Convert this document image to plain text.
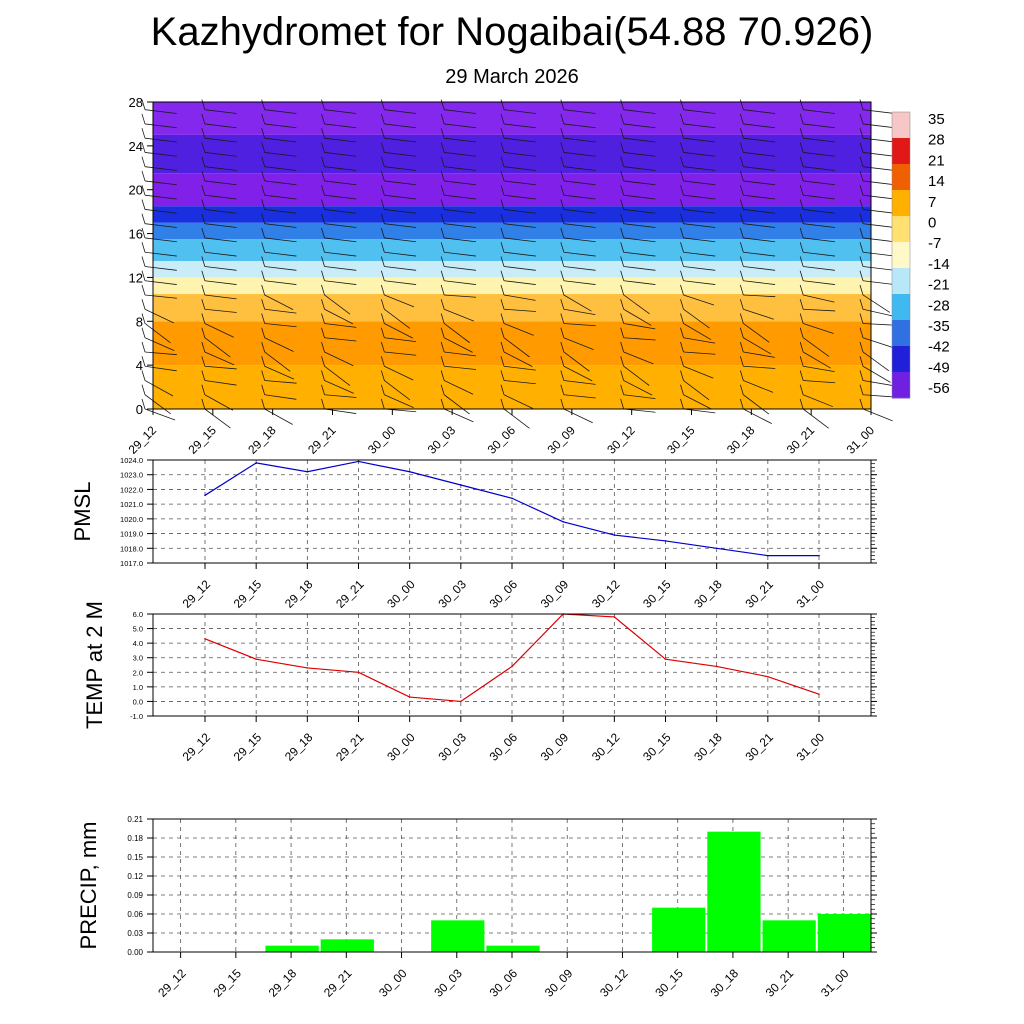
Kazhydromet for Nogaibai(54.88 70.926)
29 March 2026
0
4
8
12
16
20
24
28
29_12 29_15 29_18 29_21 30_00 30_03 30_06 30_09 30_12 30_15 30_18 30_21 31_00
35
28
21
14
7
0
-7
-14
-21
-28
-35
-42
-49
-56
1024.0
1023.0
1022.0
1021.0
1020.0
1019.0
1018.0
1017.0
29_12 29_15 29_18 29_21 30_00 30_03 30_06 30_09 30_12 30_15 30_18 30_21 31_00
PMSL
6.0
5.0
4.0
3.0
2.0
1.0
0.0
-1.0
29_12 29_15 29_18 29_21 30_00 30_03 30_06 30_09 30_12 30_15 30_18 30_21 31_00
TEMP at 2 M
0.21
0.18
0.15
0.12
0.09
0.06
0.03
0.00
29_12 29_15 29_18 29_21 30_00 30_03 30_06 30_09 30_12 30_15 30_18 30_21 31_00
PRECIP, mm
